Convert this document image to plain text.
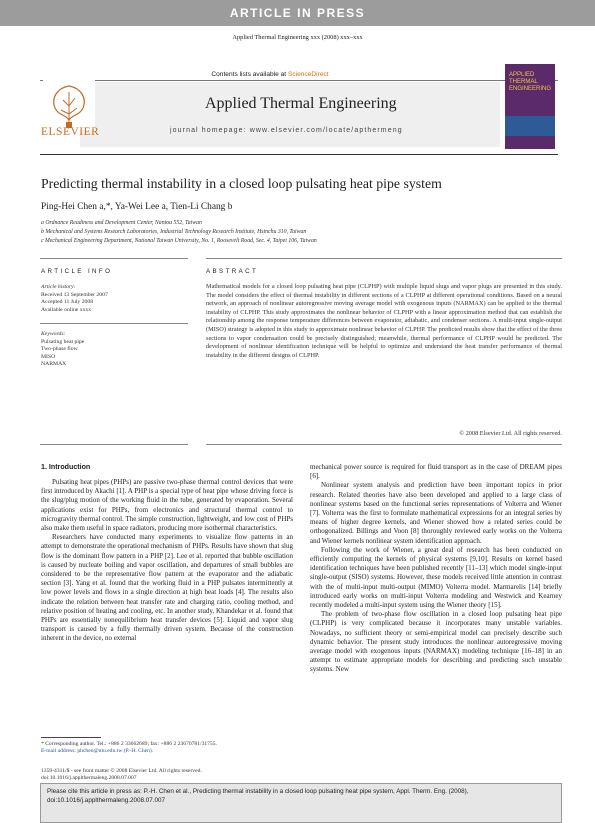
ARTICLE IN PRESS
Applied Thermal Engineering xxx (2008) xxx–xxx
Contents lists available at ScienceDirect
ELSEVIER
Applied Thermal Engineering
journal homepage: www.elsevier.com/locate/apthermeng
APPLIED THERMAL ENGINEERING
Predicting thermal instability in a closed loop pulsating heat pipe system
Ping-Hei Chen a,*, Ya-Wei Lee a, Tien-Li Chang b
a Ordnance Readiness and Development Center, Nantou 552, Taiwan
b Mechanical and Systems Research Laboratories, Industrial Technology Research Institute, Hsinchu 310, Taiwan
c Mechanical Engineering Department, National Taiwan University, No. 1, Roosevelt Road, Sec. 4, Taipei 106, Taiwan
ARTICLE INFO	ABSTRACT
Article history:
Received 13 September 2007
Accepted 11 July 2008
Available online xxxx
Keywords:
Pulsating heat pipe
Two-phase flow
MISO
NARMAX
Mathematical models for a closed loop pulsating heat pipe (CLPHP) with multiple liquid slugs and vapor plugs are presented in this study. The model considers the effect of thermal instability in different sections of a CLPHP at different operational conditions. Based on a neural network, an approach of nonlinear autoregressive moving average model with exogenous inputs (NARMAX) can be applied to the thermal instability of CLPHP. This study approximates the nonlinear behavior of CLPHP with a linear approximation method that can establish the relationship among the response temperature differences between evaporator, adiabatic, and condenser sections. A multi-input single-output (MISO) strategy is adopted in this study to approximate nonlinear behavior of CLPHP. The predicted results show that the effect of the three sections to vapor condensation could be precisely distinguished; meanwhile, thermal performance of CLPHP would be predicted. The development of nonlinear identification technique will be helpful to optimize and understand the heat transfer performance of thermal instability in the different designs of CLPHP.
© 2008 Elsevier Ltd. All rights reserved.
1. Introduction

Pulsating heat pipes (PHPs) are passive two-phase thermal control devices that were first introduced by Akachi [1]. A PHP is a special type of heat pipe whose driving force is the slug/plug motion of the working fluid in the tube, generated by evaporation. Several applications exist for PHPs, from electronics and structural thermal control to microgravity thermal control. The simple construction, lightweight, and low cost of PHPs also make them useful in space radiators, producing more isothermal characteristics.

Researchers have conducted many experiments to visualize flow patterns in an attempt to demonstrate the operational mechanism of PHPs. Results have shown that slug flow is the dominant flow pattern in a PHP [2]. Lee et al. reported that bubble oscillation is caused by nucleate boiling and vapor oscillation, and departures of small bubbles are considered to be the representative flow pattern at the evaporator and the adiabatic section [3]. Yang et al. found that the working fluid in a PHP pulsates intermittently at low power levels and flows in a single direction at high heat loads [4]. The results also indicate the relation between heat transfer rate and charging ratio, cooling method, and relative position of heating and cooling, etc. In another study, Khandekar et al. found that PHPs are essentially nonequilibrium heat transfer devices [5]. Liquid and vapor slug transport is caused by a fully thermally driven system. Because of the construction inherent in the device, no external

mechanical power source is required for fluid transport as in the case of DREAM pipes [6].

Nonlinear system analysis and prediction have been important topics in prior research. Related theories have also been developed and applied to a large class of nonlinear systems based on the functional series representations of Volterra and Wiener [7]. Volterra was the first to formulate mathematical expressions for an integral series by means of higher degree kernels, and Wiener showed how a related series could be orthogonalized. Billings and Voon [8] thoroughly reviewed early works on the Volterra and Wiener kernels nonlinear system identification approach.

Following the work of Wiener, a great deal of research has been conducted on efficiently computing the kernels of physical systems [9,10]. Results on kernel based identification techniques have been published recently [11–13] which model single-input single-output (SISO) systems. However, these models received little attention in contrast with the of multi-input multi-output (MIMO) Volterra model. Marmarelis [14] briefly introduced early works on multi-input Volterra modeling and Westwick and Kearney recently modeled a multi-input system using the Wiener theory [15].

The problem of two-phase flow oscillation in a closed loop pulsating heat pipe (CLPHP) is very complicated because it incorporates many unstable variables. Nowadays, no sufficient theory or semi-empirical model can precisely describe such dynamic behavior. The present study introduces the nonlinear autoregressive moving average model with exogenous inputs (NARMAX) modeling technique [16–18] in an attempt to estimate appropriate models for describing and predicting such unstable systems. New

* Corresponding author. Tel.: +886 2 33662689; fax: +886 2 23670781/31755.
E-mail address: phchen@ntu.edu.tw (P.-H. Chen).
1359-4311/$ - see front matter © 2008 Elsevier Ltd. All rights reserved.
doi:10.1016/j.applthermaleng.2008.07.007
Please cite this article in press as: P.-H. Chen et al., Predicting thermal instability in a closed loop pulsating heat pipe system, Appl. Therm. Eng. (2008), doi:10.1016/j.applthermaleng.2008.07.007
